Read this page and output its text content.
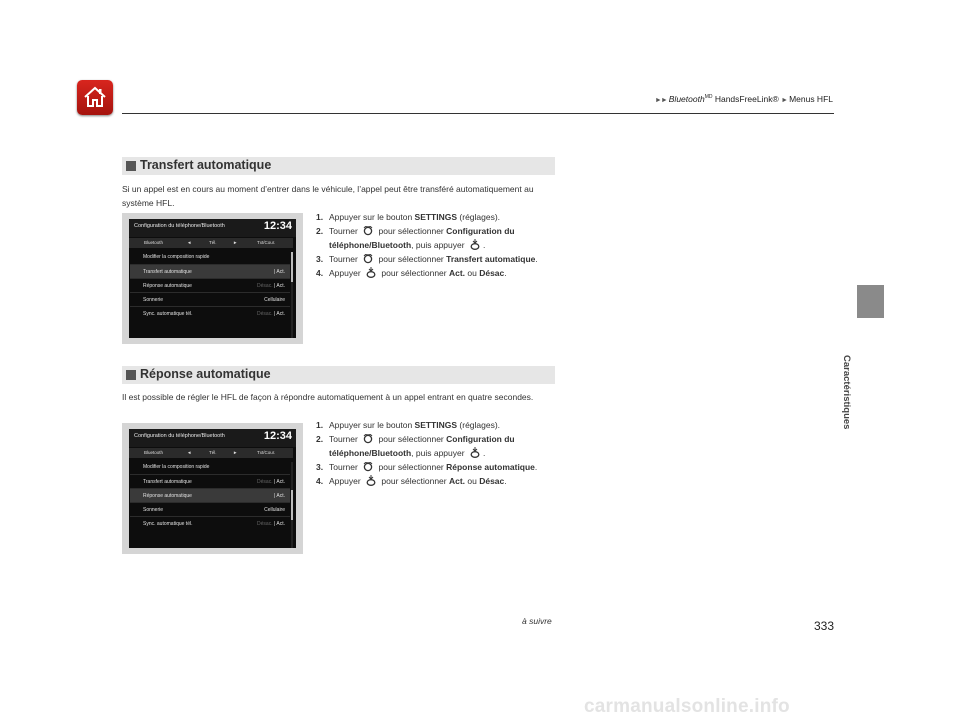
►► Bluetooth$^{MD}$ HandsFreeLink® ► Menus HFL
Caractéristiques
Transfert automatique
Si un appel est en cours au moment d’entrer dans le véhicule, l’appel peut être transféré automatiquement au système HFL.
Configuration du téléphone/Bluetooth	12:34
Bluetooth	◄	Tél.	►	Txt/Cour.
Modifier la composition rapide
Transfert automatique	| Act.
Réponse automatique	Désac. | Act.
Sonnerie	Cellulaire
Sync. automatique tél.	Désac. | Act.
1. Appuyer sur le bouton SETTINGS (réglages).
2. Tourner  pour sélectionner Configuration du téléphone/Bluetooth, puis appuyer .
3. Tourner  pour sélectionner Transfert automatique.
4. Appuyer  pour sélectionner Act. ou Désac.
Réponse automatique
Il est possible de régler le HFL de façon à répondre automatiquement à un appel entrant en quatre secondes.
Configuration du téléphone/Bluetooth	12:34
Bluetooth	◄	Tél.	►	Txt/Cour.
Modifier la composition rapide
Transfert automatique	Désac. | Act.
Réponse automatique	| Act.
Sonnerie	Cellulaire
Sync. automatique tél.	Désac. | Act.
1. Appuyer sur le bouton SETTINGS (réglages).
2. Tourner  pour sélectionner Configuration du téléphone/Bluetooth, puis appuyer .
3. Tourner  pour sélectionner Réponse automatique.
4. Appuyer  pour sélectionner Act. ou Désac.
à suivre	333
carmanualsonline.info
